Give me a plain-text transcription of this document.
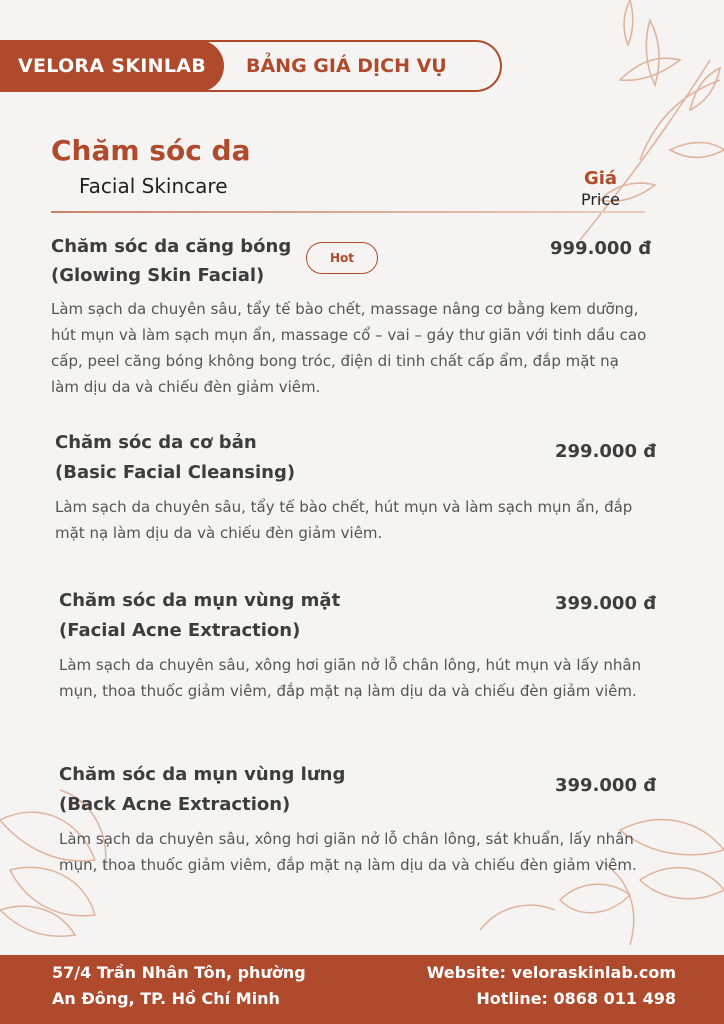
VELORA SKINLAB	BẢNG GIÁ DỊCH VỤ
Chăm sóc da
Facial Skincare	Giá
Price
Chăm sóc da căng bóng
(Glowing Skin Facial)
Hot	999.000 đ
Làm sạch da chuyên sâu, tẩy tế bào chết, massage nâng cơ bằng kem dưỡng, hút mụn và làm sạch mụn ẩn, massage cổ – vai – gáy thư giãn với tinh dầu cao cấp, peel căng bóng không bong tróc, điện di tinh chất cấp ẩm, đắp mặt nạ làm dịu da và chiếu đèn giảm viêm.
Chăm sóc da cơ bản
(Basic Facial Cleansing)
299.000 đ
Làm sạch da chuyên sâu, tẩy tế bào chết, hút mụn và làm sạch mụn ẩn, đắp mặt nạ làm dịu da và chiếu đèn giảm viêm.
Chăm sóc da mụn vùng mặt
(Facial Acne Extraction)
399.000 đ
Làm sạch da chuyên sâu, xông hơi giãn nở lỗ chân lông, hút mụn và lấy nhân mụn, thoa thuốc giảm viêm, đắp mặt nạ làm dịu da và chiếu đèn giảm viêm.
Chăm sóc da mụn vùng lưng
(Back Acne Extraction)
399.000 đ
Làm sạch da chuyên sâu, xông hơi giãn nở lỗ chân lông, sát khuẩn, lấy nhân mụn, thoa thuốc giảm viêm, đắp mặt nạ làm dịu da và chiếu đèn giảm viêm.
57/4 Trần Nhân Tôn, phường
An Đông, TP. Hồ Chí Minh
Website: veloraskinlab.com
Hotline: 0868 011 498
